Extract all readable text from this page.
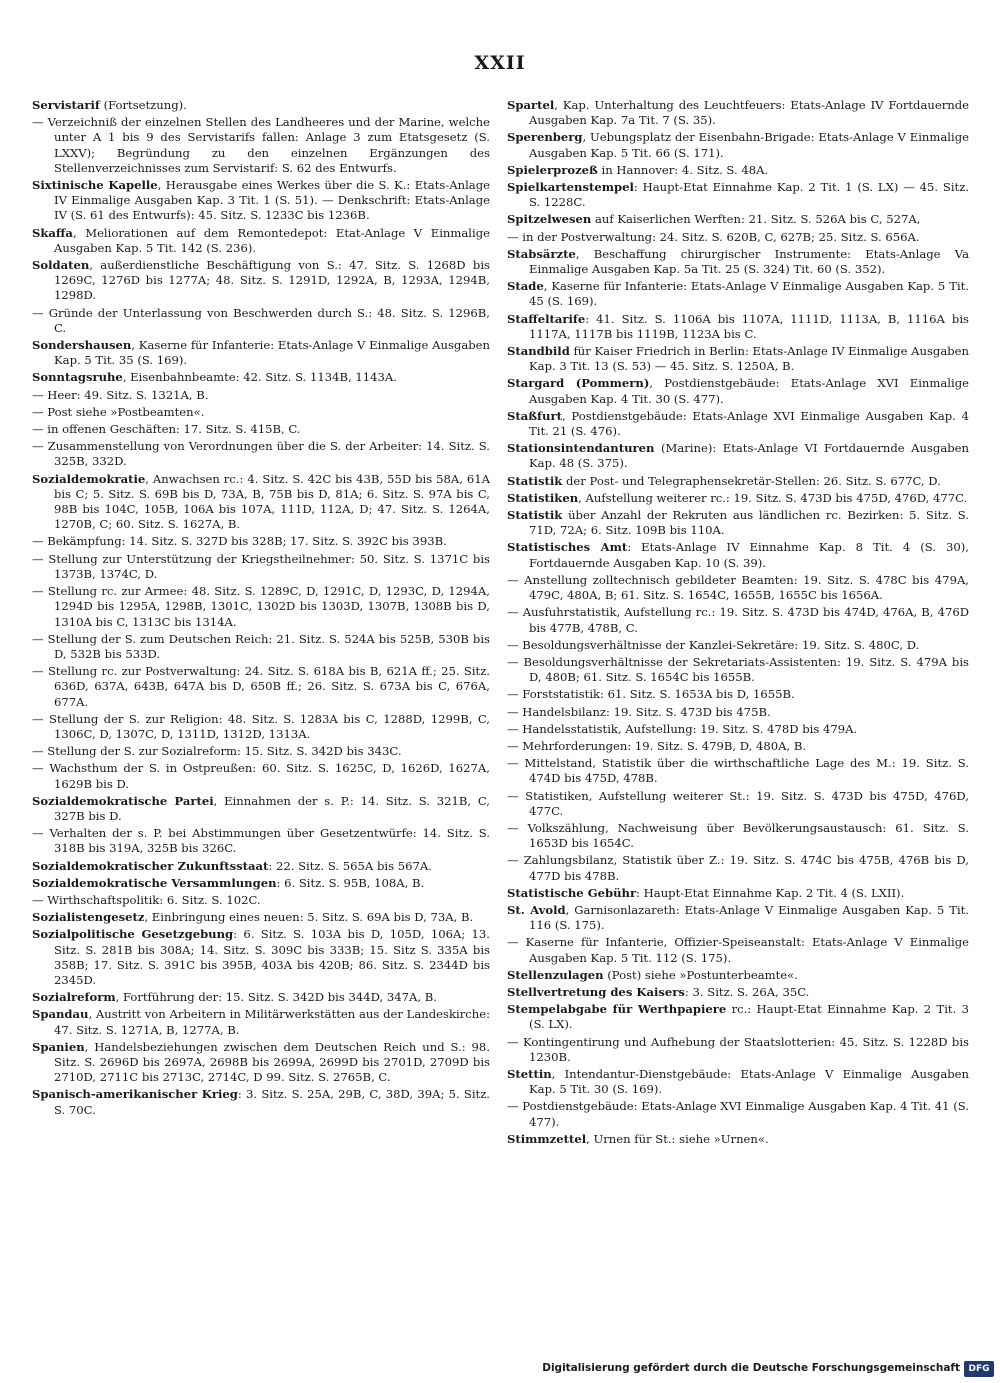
XXII

Servistarif (Fortsetzung).

— Verzeichniß der einzelnen Stellen des Landheeres und der Marine, welche unter A 1 bis 9 des Servistarifs fallen: Anlage 3 zum Etatsgesetz (S. LXXV); Begründung zu den einzelnen Ergänzungen des Stellenverzeichnisses zum Servistarif: S. 62 des Entwurfs.

Sixtinische Kapelle, Herausgabe eines Werkes über die S. K.: Etats-Anlage IV Einmalige Ausgaben Kap. 3 Tit. 1 (S. 51). — Denkschrift: Etats-Anlage IV (S. 61 des Entwurfs): 45. Sitz. S. 1233C bis 1236B.

Skaffa, Meliorationen auf dem Remontedepot: Etat-Anlage V Einmalige Ausgaben Kap. 5 Tit. 142 (S. 236).

Soldaten, außerdienstliche Beschäftigung von S.: 47. Sitz. S. 1268D bis 1269C, 1276D bis 1277A; 48. Sitz. S. 1291D, 1292A, B, 1293A, 1294B, 1298D.

— Gründe der Unterlassung von Beschwerden durch S.: 48. Sitz. S. 1296B, C.

Sondershausen, Kaserne für Infanterie: Etats-Anlage V Einmalige Ausgaben Kap. 5 Tit. 35 (S. 169).

Sonntagsruhe, Eisenbahnbeamte: 42. Sitz. S. 1134B, 1143A.

— Heer: 49. Sitz. S. 1321A, B.

— Post siehe »Postbeamten«.

— in offenen Geschäften: 17. Sitz. S. 415B, C.

— Zusammenstellung von Verordnungen über die S. der Arbeiter: 14. Sitz. S. 325B, 332D.

Sozialdemokratie, Anwachsen rc.: 4. Sitz. S. 42C bis 43B, 55D bis 58A, 61A bis C; 5. Sitz. S. 69B bis D, 73A, B, 75B bis D, 81A; 6. Sitz. S. 97A bis C, 98B bis 104C, 105B, 106A bis 107A, 111D, 112A, D; 47. Sitz. S. 1264A, 1270B, C; 60. Sitz. S. 1627A, B.

— Bekämpfung: 14. Sitz. S. 327D bis 328B; 17. Sitz. S. 392C bis 393B.

— Stellung zur Unterstützung der Kriegstheilnehmer: 50. Sitz. S. 1371C bis 1373B, 1374C, D.

— Stellung rc. zur Armee: 48. Sitz. S. 1289C, D, 1291C, D, 1293C, D, 1294A, 1294D bis 1295A, 1298B, 1301C, 1302D bis 1303D, 1307B, 1308B bis D, 1310A bis C, 1313C bis 1314A.

— Stellung der S. zum Deutschen Reich: 21. Sitz. S. 524A bis 525B, 530B bis D, 532B bis 533D.

— Stellung rc. zur Postverwaltung: 24. Sitz. S. 618A bis B, 621A ff.; 25. Sitz. 636D, 637A, 643B, 647A bis D, 650B ff.; 26. Sitz. S. 673A bis C, 676A, 677A.

— Stellung der S. zur Religion: 48. Sitz. S. 1283A bis C, 1288D, 1299B, C, 1306C, D, 1307C, D, 1311D, 1312D, 1313A.

— Stellung der S. zur Sozialreform: 15. Sitz. S. 342D bis 343C.

— Wachsthum der S. in Ostpreußen: 60. Sitz. S. 1625C, D, 1626D, 1627A, 1629B bis D.

Sozialdemokratische Partei, Einnahmen der s. P.: 14. Sitz. S. 321B, C, 327B bis D.

— Verhalten der s. P. bei Abstimmungen über Gesetzentwürfe: 14. Sitz. S. 318B bis 319A, 325B bis 326C.

Sozialdemokratischer Zukunftsstaat: 22. Sitz. S. 565A bis 567A.

Sozialdemokratische Versammlungen: 6. Sitz. S. 95B, 108A, B.

— Wirthschaftspolitik: 6. Sitz. S. 102C.

Sozialistengesetz, Einbringung eines neuen: 5. Sitz. S. 69A bis D, 73A, B.

Sozialpolitische Gesetzgebung: 6. Sitz. S. 103A bis D, 105D, 106A; 13. Sitz. S. 281B bis 308A; 14. Sitz. S. 309C bis 333B; 15. Sitz S. 335A bis 358B; 17. Sitz. S. 391C bis 395B, 403A bis 420B; 86. Sitz. S. 2344D bis 2345D.

Sozialreform, Fortführung der: 15. Sitz. S. 342D bis 344D, 347A, B.

Spandau, Austritt von Arbeitern in Militärwerkstätten aus der Landeskirche: 47. Sitz. S. 1271A, B, 1277A, B.

Spanien, Handelsbeziehungen zwischen dem Deutschen Reich und S.: 98. Sitz. S. 2696D bis 2697A, 2698B bis 2699A, 2699D bis 2701D, 2709D bis 2710D, 2711C bis 2713C, 2714C, D 99. Sitz. S. 2765B, C.

Spanisch-amerikanischer Krieg: 3. Sitz. S. 25A, 29B, C, 38D, 39A; 5. Sitz. S. 70C.

Spartel, Kap. Unterhaltung des Leuchtfeuers: Etats-Anlage IV Fortdauernde Ausgaben Kap. 7a Tit. 7 (S. 35).

Sperenberg, Uebungsplatz der Eisenbahn-Brigade: Etats-Anlage V Einmalige Ausgaben Kap. 5 Tit. 66 (S. 171).

Spielerprozeß in Hannover: 4. Sitz. S. 48A.

Spielkartenstempel: Haupt-Etat Einnahme Kap. 2 Tit. 1 (S. LX) — 45. Sitz. S. 1228C.

Spitzelwesen auf Kaiserlichen Werften: 21. Sitz. S. 526A bis C, 527A,

— in der Postverwaltung: 24. Sitz. S. 620B, C, 627B; 25. Sitz. S. 656A.

Stabsärzte, Beschaffung chirurgischer Instrumente: Etats-Anlage Va Einmalige Ausgaben Kap. 5a Tit. 25 (S. 324) Tit. 60 (S. 352).

Stade, Kaserne für Infanterie: Etats-Anlage V Einmalige Ausgaben Kap. 5 Tit. 45 (S. 169).

Staffeltarife: 41. Sitz. S. 1106A bis 1107A, 1111D, 1113A, B, 1116A bis 1117A, 1117B bis 1119B, 1123A bis C.

Standbild für Kaiser Friedrich in Berlin: Etats-Anlage IV Einmalige Ausgaben Kap. 3 Tit. 13 (S. 53) — 45. Sitz. S. 1250A, B.

Stargard (Pommern), Postdienstgebäude: Etats-Anlage XVI Einmalige Ausgaben Kap. 4 Tit. 30 (S. 477).

Staßfurt, Postdienstgebäude: Etats-Anlage XVI Einmalige Ausgaben Kap. 4 Tit. 21 (S. 476).

Stationsintendanturen (Marine): Etats-Anlage VI Fortdauernde Ausgaben Kap. 48 (S. 375).

Statistik der Post- und Telegraphensekretär-Stellen: 26. Sitz. S. 677C, D.

Statistiken, Aufstellung weiterer rc.: 19. Sitz. S. 473D bis 475D, 476D, 477C.

Statistik über Anzahl der Rekruten aus ländlichen rc. Bezirken: 5. Sitz. S. 71D, 72A; 6. Sitz. 109B bis 110A.

Statistisches Amt: Etats-Anlage IV Einnahme Kap. 8 Tit. 4 (S. 30), Fortdauernde Ausgaben Kap. 10 (S. 39).

— Anstellung zolltechnisch gebildeter Beamten: 19. Sitz. S. 478C bis 479A, 479C, 480A, B; 61. Sitz. S. 1654C, 1655B, 1655C bis 1656A.

— Ausfuhrstatistik, Aufstellung rc.: 19. Sitz. S. 473D bis 474D, 476A, B, 476D bis 477B, 478B, C.

— Besoldungsverhältnisse der Kanzlei-Sekretäre: 19. Sitz. S. 480C, D.

— Besoldungsverhältnisse der Sekretariats-Assistenten: 19. Sitz. S. 479A bis D, 480B; 61. Sitz. S. 1654C bis 1655B.

— Forststatistik: 61. Sitz. S. 1653A bis D, 1655B.

— Handelsbilanz: 19. Sitz. S. 473D bis 475B.

— Handelsstatistik, Aufstellung: 19. Sitz. S. 478D bis 479A.

— Mehrforderungen: 19. Sitz. S. 479B, D, 480A, B.

— Mittelstand, Statistik über die wirthschaftliche Lage des M.: 19. Sitz. S. 474D bis 475D, 478B.

— Statistiken, Aufstellung weiterer St.: 19. Sitz. S. 473D bis 475D, 476D, 477C.

— Volkszählung, Nachweisung über Bevölkerungsaustausch: 61. Sitz. S. 1653D bis 1654C.

— Zahlungsbilanz, Statistik über Z.: 19. Sitz. S. 474C bis 475B, 476B bis D, 477D bis 478B.

Statistische Gebühr: Haupt-Etat Einnahme Kap. 2 Tit. 4 (S. LXII).

St. Avold, Garnisonlazareth: Etats-Anlage V Einmalige Ausgaben Kap. 5 Tit. 116 (S. 175).

— Kaserne für Infanterie, Offizier-Speiseanstalt: Etats-Anlage V Einmalige Ausgaben Kap. 5 Tit. 112 (S. 175).

Stellenzulagen (Post) siehe »Postunterbeamte«.

Stellvertretung des Kaisers: 3. Sitz. S. 26A, 35C.

Stempelabgabe für Werthpapiere rc.: Haupt-Etat Einnahme Kap. 2 Tit. 3 (S. LX).

— Kontingentirung und Aufhebung der Staatslotterien: 45. Sitz. S. 1228D bis 1230B.

Stettin, Intendantur-Dienstgebäude: Etats-Anlage V Einmalige Ausgaben Kap. 5 Tit. 30 (S. 169).

— Postdienstgebäude: Etats-Anlage XVI Einmalige Ausgaben Kap. 4 Tit. 41 (S. 477).

Stimmzettel, Urnen für St.: siehe »Urnen«.

Digitalisierung gefördert durch die Deutsche Forschungsgemeinschaft DFG
